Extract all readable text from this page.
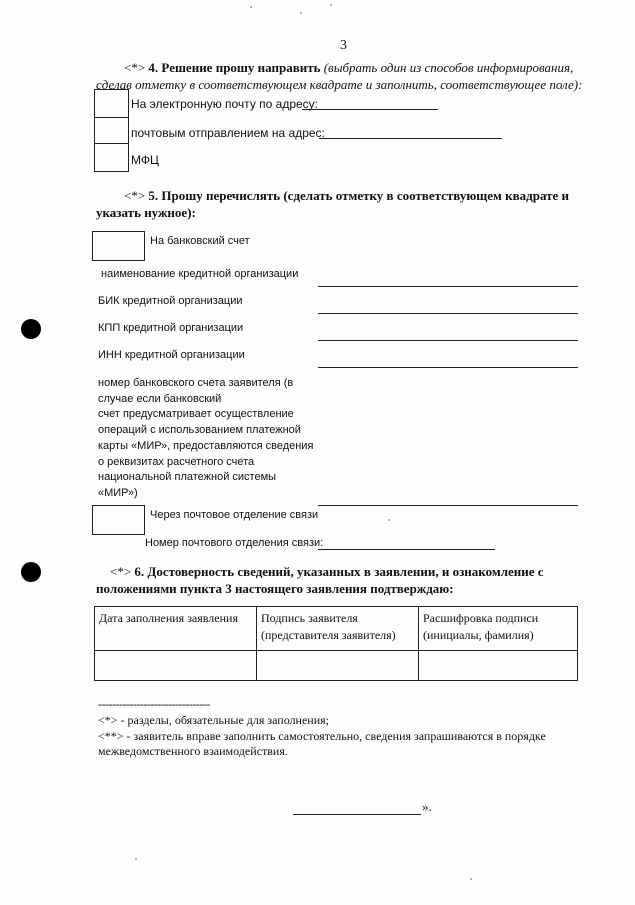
3
<*> 4. Решение прошу направить (выбрать один из способов информирования, сделав отметку в соответствующем квадрате и заполнить, соответствующее поле):
На электронную почту по адресу:
почтовым отправлением на адрес:
МФЦ
<*> 5. Прошу перечислять (сделать отметку в соответствующем квадрате и указать нужное):
На банковский счет
наименование кредитной организации
БИК кредитной организации
КПП кредитной организации
ИНН кредитной организации
номер банковского счета заявителя (в
случае если банковский
счет предусматривает осуществление
операций с использованием платежной
карты «МИР», предоставляются сведения
о реквизитах расчетного счета
национальной платежной системы
«МИР»)
Через почтовое отделение связи
Номер почтового отделения связи:
<*> 6. Достоверность сведений, указанных в заявлении, и ознакомление с положениями пункта 3 настоящего заявления подтверждаю:
Дата заполнения заявления	Подпись заявителя (представителя заявителя)	Расшифровка подписи (инициалы, фамилия)

--------------------------------
<*> - разделы, обязательные для заполнения;
<**> - заявитель вправе заполнить самостоятельно, сведения запрашиваются в порядке межведомственного взаимодействия.
».
